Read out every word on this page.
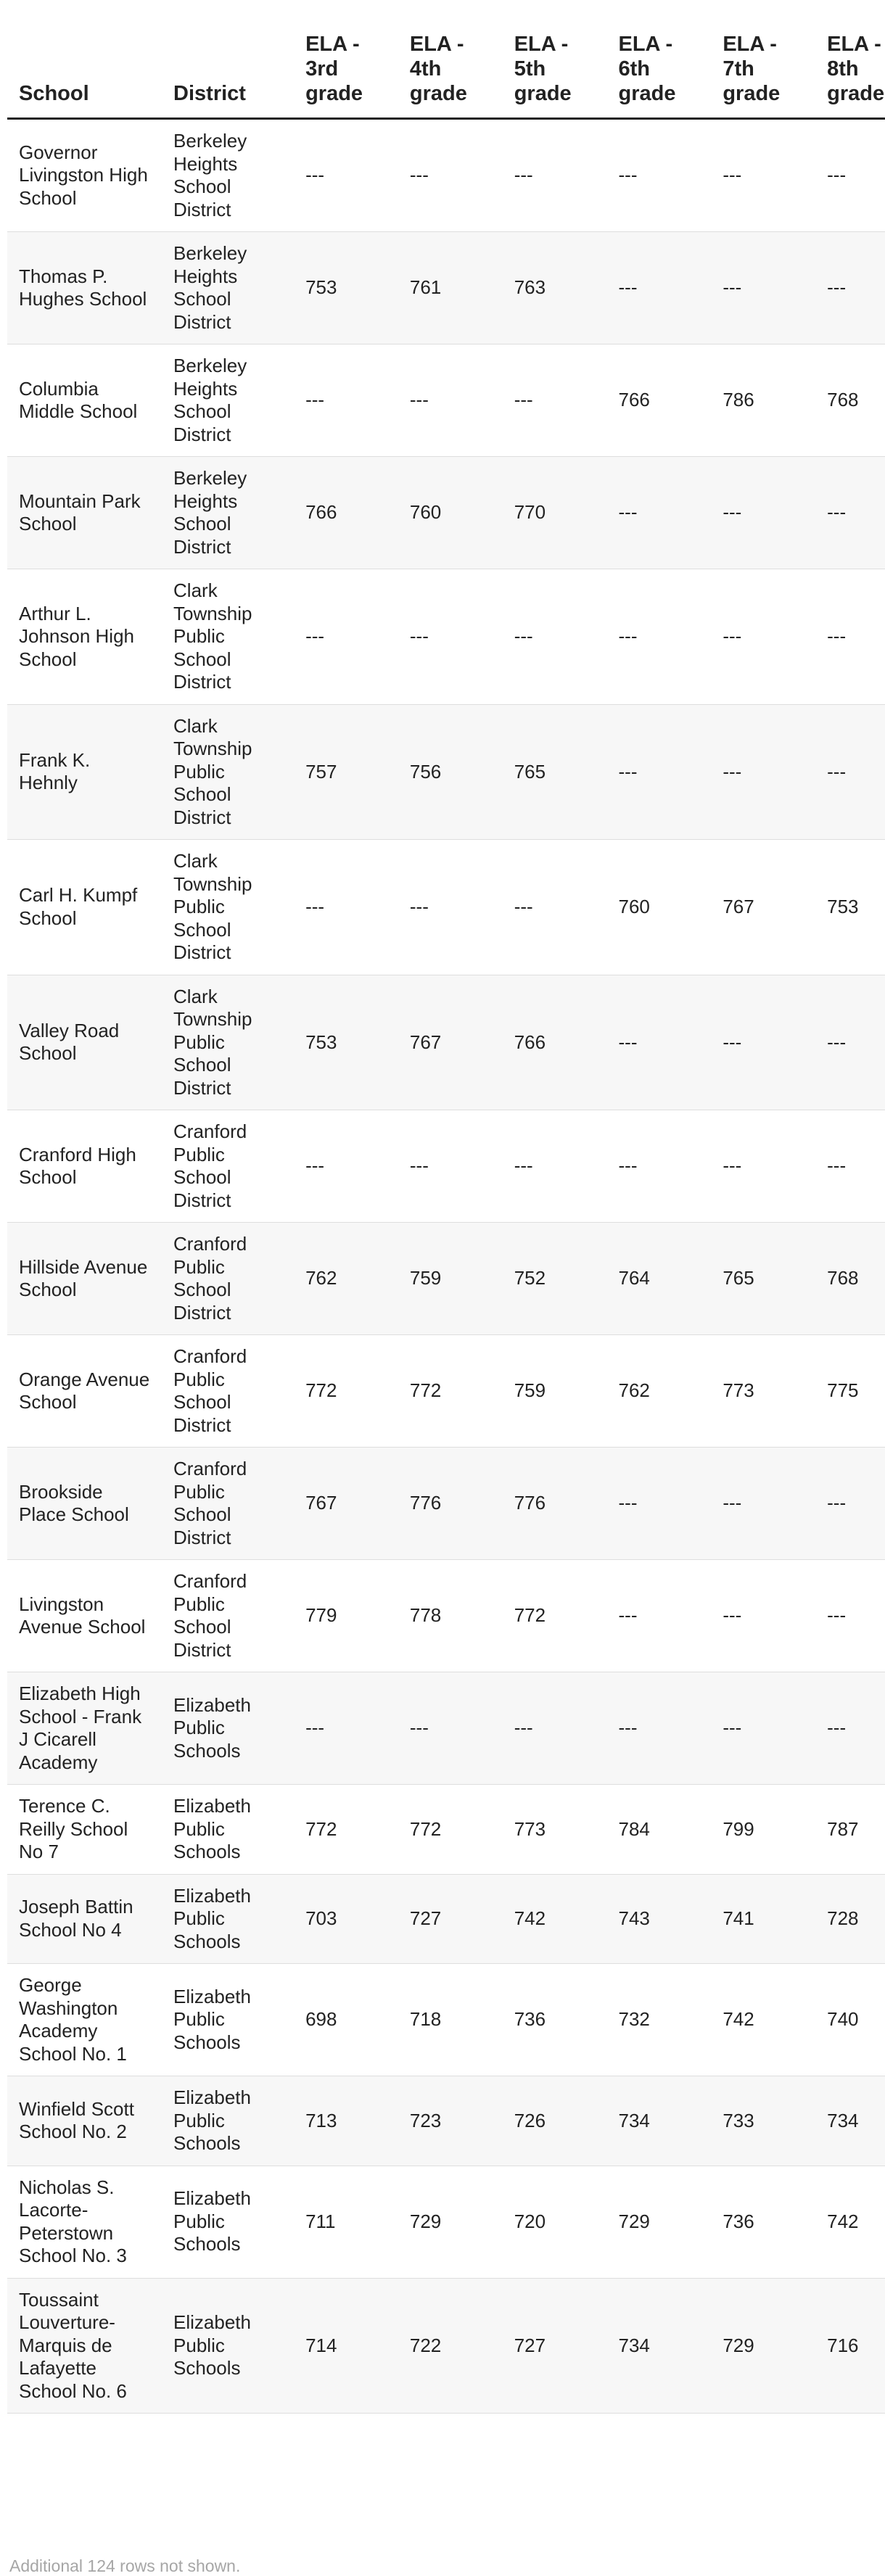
School	District	ELA - 3rd grade	ELA - 4th grade	ELA - 5th grade	ELA - 6th grade	ELA - 7th grade	ELA - 8th grade
Governor Livingston High School	Berkeley Heights School District	---	---	---	---	---	---
Thomas P. Hughes School	Berkeley Heights School District	753	761	763	---	---	---
Columbia Middle School	Berkeley Heights School District	---	---	---	766	786	768
Mountain Park School	Berkeley Heights School District	766	760	770	---	---	---
Arthur L. Johnson High School	Clark Township Public School District	---	---	---	---	---	---
Frank K. Hehnly	Clark Township Public School District	757	756	765	---	---	---
Carl H. Kumpf School	Clark Township Public School District	---	---	---	760	767	753
Valley Road School	Clark Township Public School District	753	767	766	---	---	---
Cranford High School	Cranford Public School District	---	---	---	---	---	---
Hillside Avenue School	Cranford Public School District	762	759	752	764	765	768
Orange Avenue School	Cranford Public School District	772	772	759	762	773	775
Brookside Place School	Cranford Public School District	767	776	776	---	---	---
Livingston Avenue School	Cranford Public School District	779	778	772	---	---	---
Elizabeth High School - Frank J Cicarell Academy	Elizabeth Public Schools	---	---	---	---	---	---
Terence C. Reilly School No 7	Elizabeth Public Schools	772	772	773	784	799	787
Joseph Battin School No 4	Elizabeth Public Schools	703	727	742	743	741	728
George Washington Academy School No. 1	Elizabeth Public Schools	698	718	736	732	742	740
Winfield Scott School No. 2	Elizabeth Public Schools	713	723	726	734	733	734
Nicholas S. Lacorte-Peterstown School No. 3	Elizabeth Public Schools	711	729	720	729	736	742
Toussaint Louverture-Marquis de Lafayette School No. 6	Elizabeth Public Schools	714	722	727	734	729	716
Additional 124 rows not shown.
